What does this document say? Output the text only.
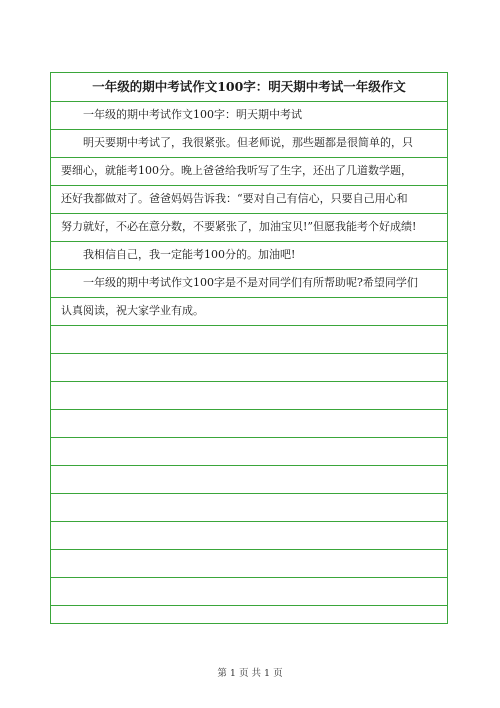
一年级的期中考试作文100字：明天期中考试一年级作文
　　一年级的期中考试作文100字：明天期中考试
　　明天要期中考试了，我很紧张。但老师说，那些题都是很简单的，只
要细心，就能考100分。晚上爸爸给我听写了生字，还出了几道数学题，
还好我都做对了。爸爸妈妈告诉我：“要对自己有信心，只要自己用心和
努力就好，不必在意分数，不要紧张了，加油宝贝!”但愿我能考个好成绩!
　　我相信自己，我一定能考100分的。加油吧!
　　一年级的期中考试作文100字是不是对同学们有所帮助呢?希望同学们
认真阅读，祝大家学业有成。
第 1 页 共 1 页
